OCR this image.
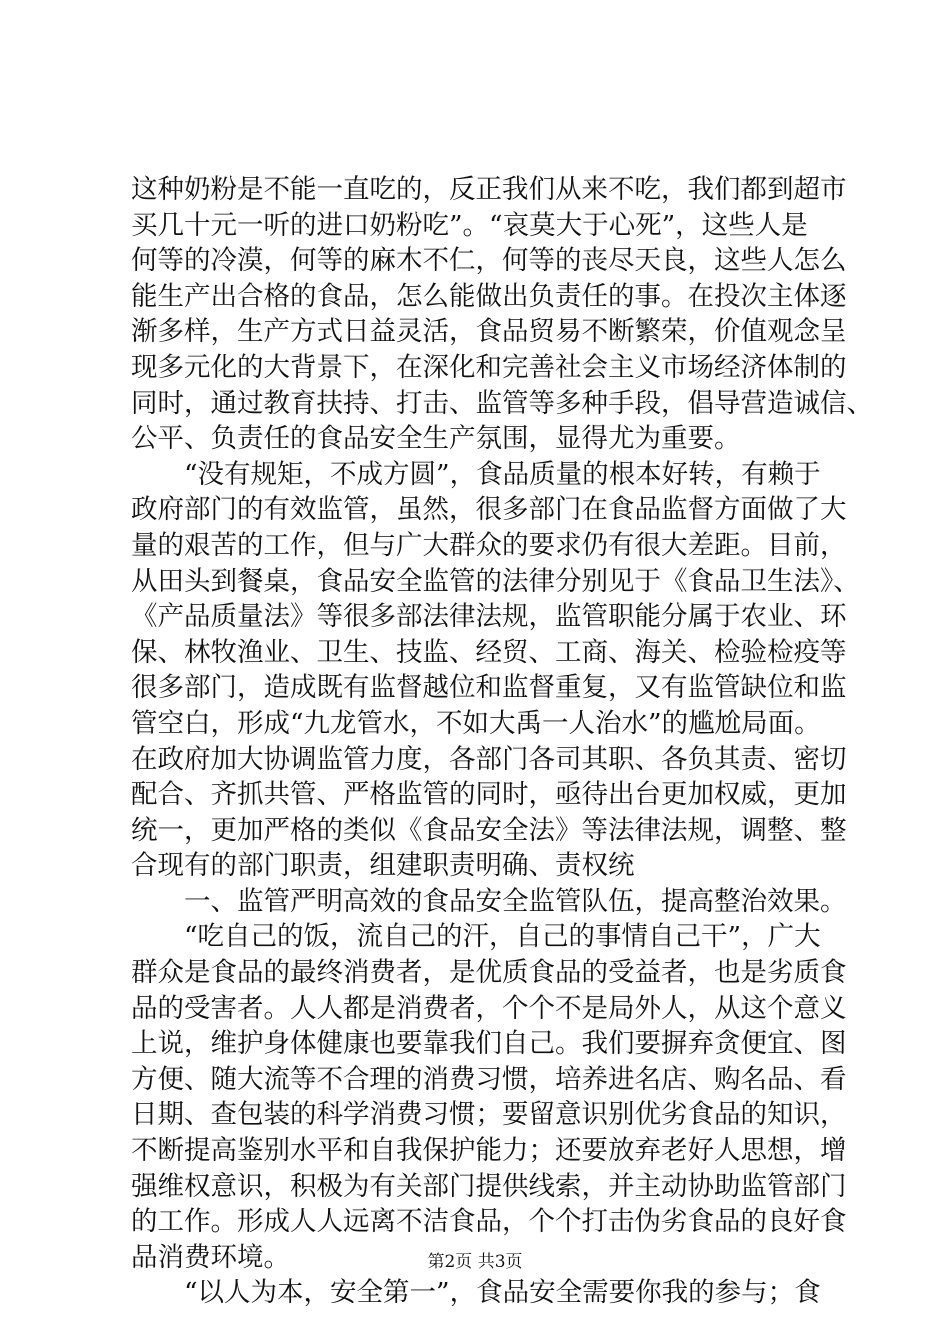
这种奶粉是不能一直吃的，反正我们从来不吃，我们都到超市
买几十元一听的进口奶粉吃”。“哀莫大于心死”，这些人是
何等的冷漠，何等的麻木不仁，何等的丧尽天良，这些人怎么
能生产出合格的食品，怎么能做出负责任的事。在投次主体逐
渐多样，生产方式日益灵活，食品贸易不断繁荣，价值观念呈
现多元化的大背景下，在深化和完善社会主义市场经济体制的
同时，通过教育扶持、打击、监管等多种手段，倡导营造诚信、
公平、负责任的食品安全生产氛围，显得尤为重要。
“没有规矩，不成方圆”，食品质量的根本好转，有赖于
政府部门的有效监管，虽然，很多部门在食品监督方面做了大
量的艰苦的工作，但与广大群众的要求仍有很大差距。目前，
从田头到餐桌，食品安全监管的法律分别见于《食品卫生法》、
《产品质量法》等很多部法律法规，监管职能分属于农业、环
保、林牧渔业、卫生、技监、经贸、工商、海关、检验检疫等
很多部门，造成既有监督越位和监督重复，又有监管缺位和监
管空白，形成“九龙管水，不如大禹一人治水”的尴尬局面。
在政府加大协调监管力度，各部门各司其职、各负其责、密切
配合、齐抓共管、严格监管的同时，亟待出台更加权威，更加
统一，更加严格的类似《食品安全法》等法律法规，调整、整
合现有的部门职责，组建职责明确、责权统
一、监管严明高效的食品安全监管队伍，提高整治效果。
“吃自己的饭，流自己的汗，自己的事情自己干”，广大
群众是食品的最终消费者，是优质食品的受益者，也是劣质食
品的受害者。人人都是消费者，个个不是局外人，从这个意义
上说，维护身体健康也要靠我们自己。我们要摒弃贪便宜、图
方便、随大流等不合理的消费习惯，培养进名店、购名品、看
日期、查包装的科学消费习惯；要留意识别优劣食品的知识，
不断提高鉴别水平和自我保护能力；还要放弃老好人思想，增
强维权意识，积极为有关部门提供线索，并主动协助监管部门
的工作。形成人人远离不洁食品，个个打击伪劣食品的良好食
品消费环境。
“以人为本，安全第一”，食品安全需要你我的参与；食
第2页 共3页
